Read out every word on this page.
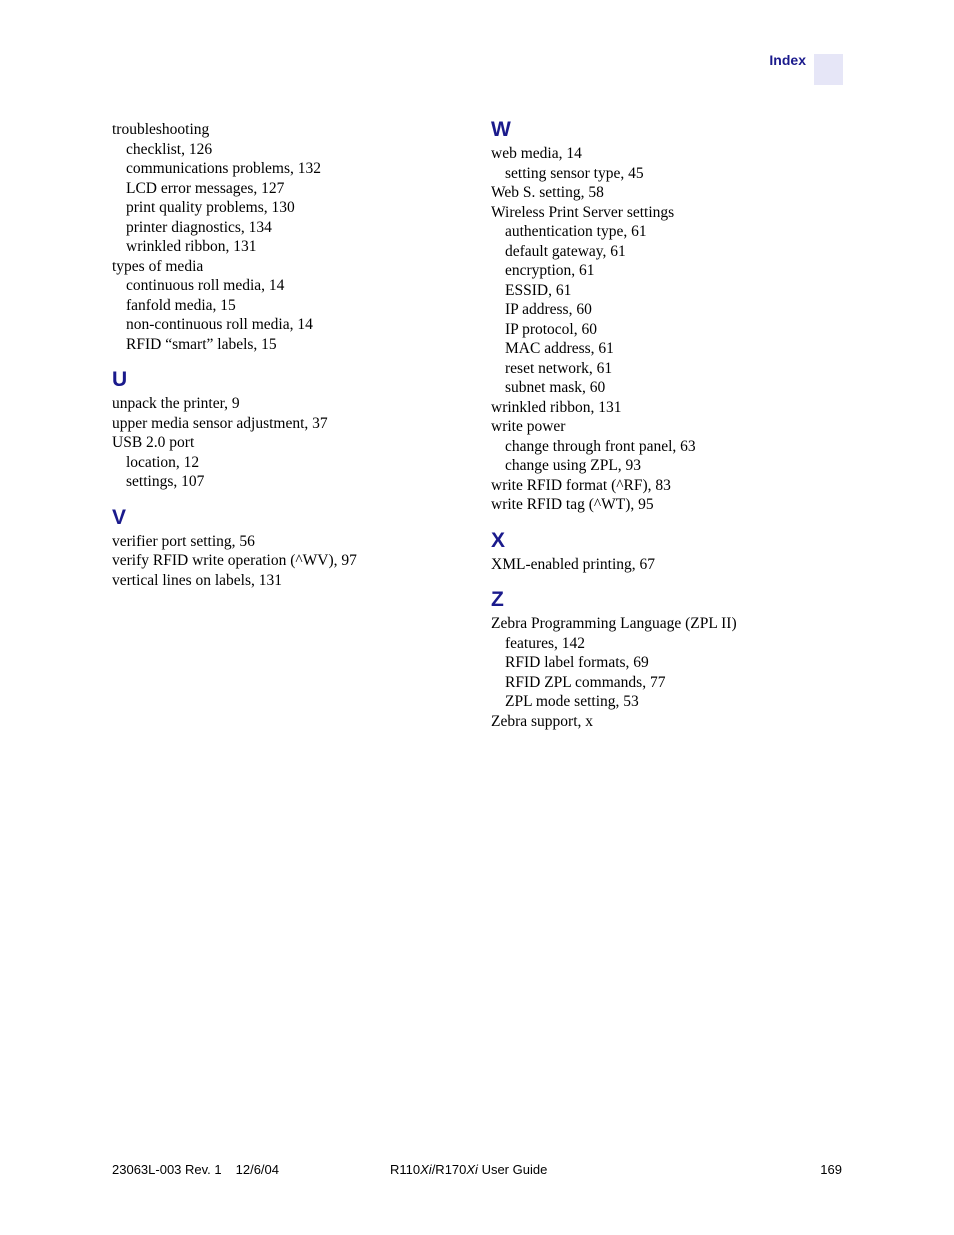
Index
troubleshooting
checklist, 126
communications problems, 132
LCD error messages, 127
print quality problems, 130
printer diagnostics, 134
wrinkled ribbon, 131
types of media
continuous roll media, 14
fanfold media, 15
non-continuous roll media, 14
RFID “smart” labels, 15
U
unpack the printer, 9
upper media sensor adjustment, 37
USB 2.0 port
location, 12
settings, 107
V
verifier port setting, 56
verify RFID write operation (^WV), 97
vertical lines on labels, 131
W
web media, 14
setting sensor type, 45
Web S. setting, 58
Wireless Print Server settings
authentication type, 61
default gateway, 61
encryption, 61
ESSID, 61
IP address, 60
IP protocol, 60
MAC address, 61
reset network, 61
subnet mask, 60
wrinkled ribbon, 131
write power
change through front panel, 63
change using ZPL, 93
write RFID format (^RF), 83
write RFID tag (^WT), 95
X
XML-enabled printing, 67
Z
Zebra Programming Language (ZPL II)
features, 142
RFID label formats, 69
RFID ZPL commands, 77
ZPL mode setting, 53
Zebra support, x
23063L-003 Rev. 1 12/6/04	R110Xi/R170Xi User Guide	169
